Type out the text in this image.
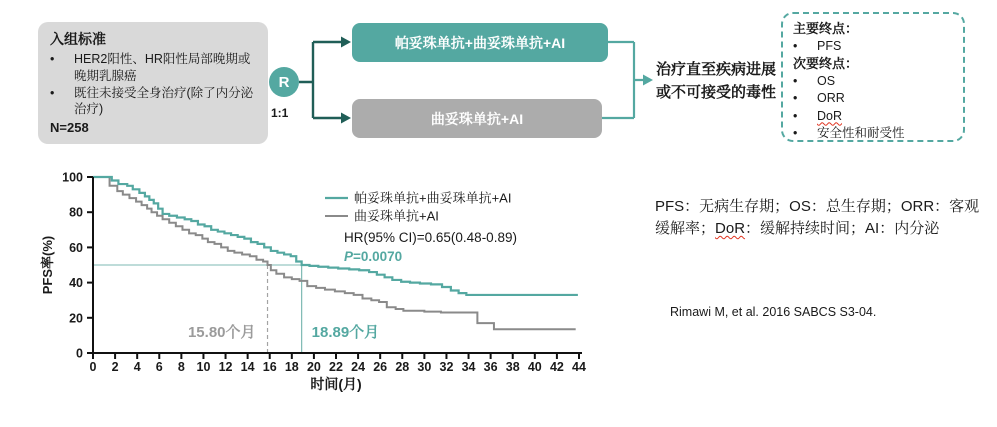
入组标准
•	HER2阳性、HR阳性局部晚期或晚期乳腺癌
•	既往未接受全身治疗(除了内分泌治疗)
N=258
R
1:1
帕妥珠单抗+曲妥珠单抗+AI
曲妥珠单抗+AI
治疗直至疾病进展或不可接受的毒性
主要终点：
•	PFS
次要终点：
•	OS
•	ORR
•	DoR
•	安全性和耐受性
0
20
40
60
80
100
0 2 4 6 8 10 12 14 16 18 20 22 24 26 28 30 32 34 36 38 40 42 44
时间(月)
PFS率(%)
帕妥珠单抗+曲妥珠单抗+AI
曲妥珠单抗+AI
HR(95% CI)=0.65(0.48-0.89)
P=0.0070
15.80个月	18.89个月
PFS：无病生存期；OS：总生存期；ORR：客观缓解率；DoR：缓解持续时间；AI：内分泌
Rimawi M, et al. 2016 SABCS S3-04.
